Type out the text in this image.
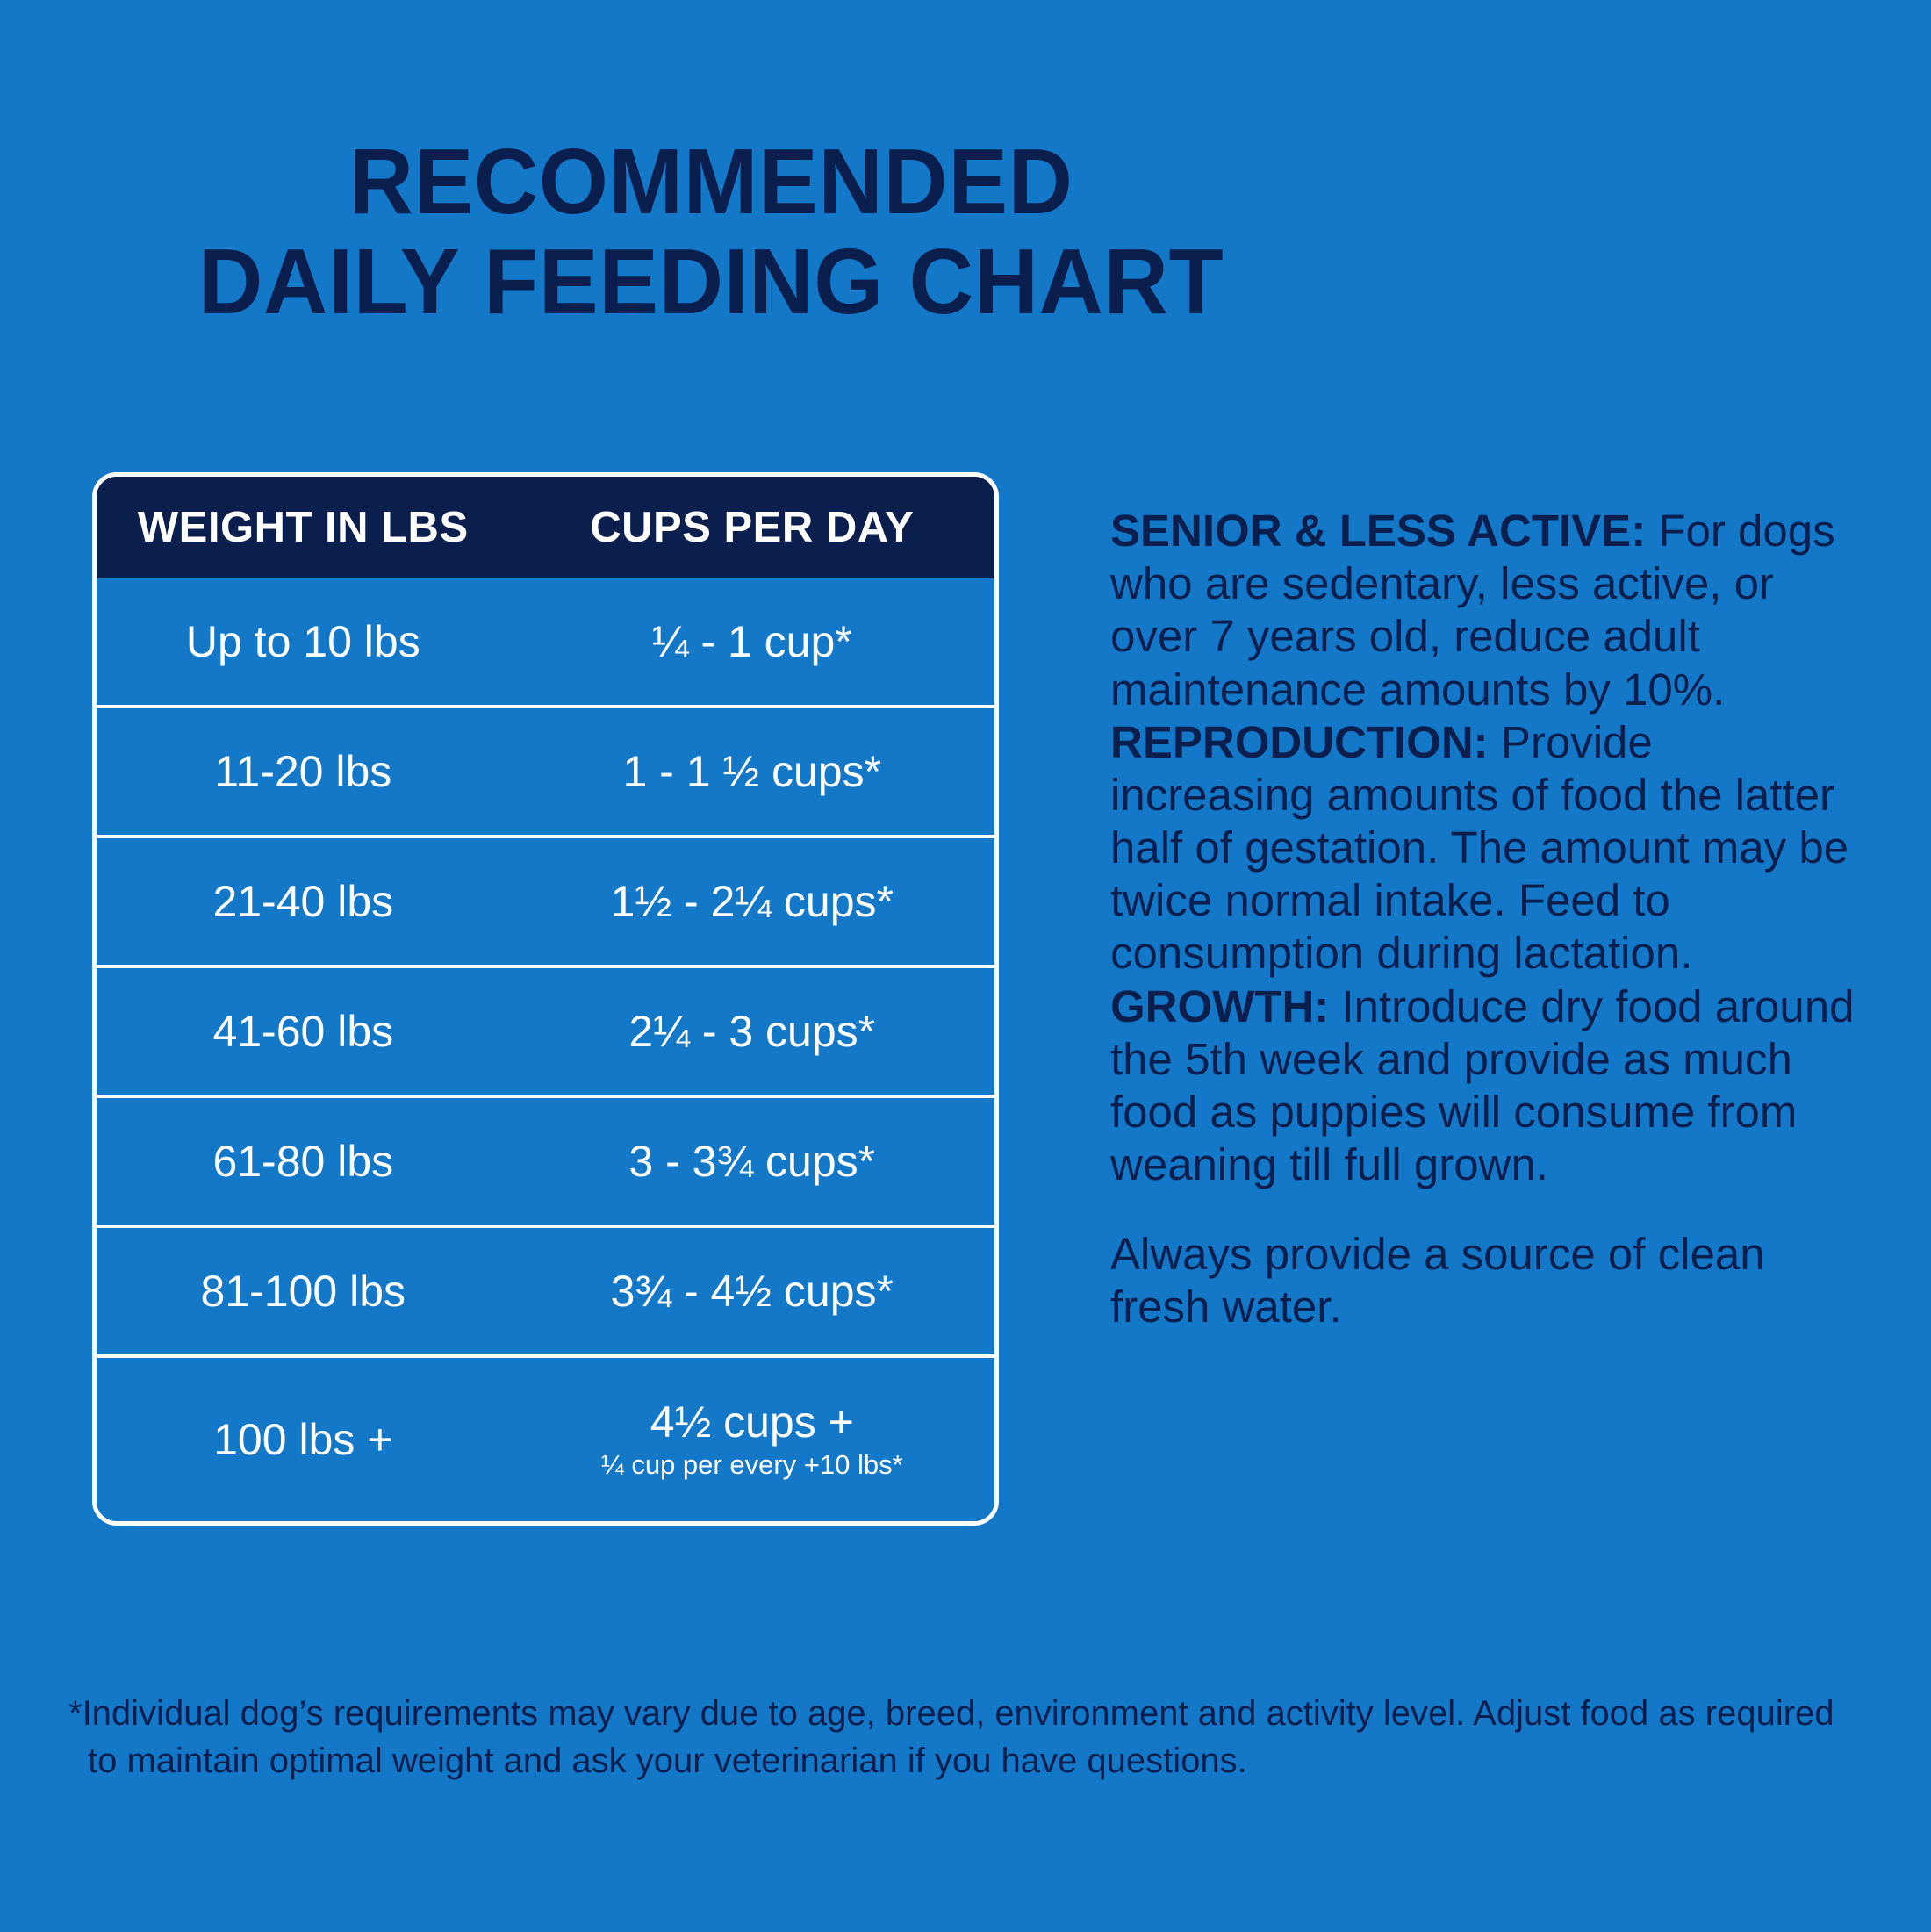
RECOMMENDED
DAILY FEEDING CHART
WEIGHT IN LBS	CUPS PER DAY
Up to 10 lbs	¼ - 1 cup*
11-20 lbs	1 - 1 ½ cups*
21-40 lbs	1½ - 2¼ cups*
41-60 lbs	2¼ - 3 cups*
61-80 lbs	3 - 3¾ cups*
81-100 lbs	3¾ - 4½ cups*
100 lbs +	4½ cups +
¼ cup per every +10 lbs*

SENIOR & LESS ACTIVE: For dogs who are sedentary, less active, or over 7 years old, reduce adult maintenance amounts by 10%. REPRODUCTION: Provide increasing amounts of food the latter half of gestation. The amount may be twice normal intake. Feed to consumption during lactation. GROWTH: Introduce dry food around the 5th week and provide as much food as puppies will consume from weaning till full grown.

Always provide a source of clean fresh water.

*Individual dog’s requirements may vary due to age, breed, environment and activity level. Adjust food as required
to maintain optimal weight and ask your veterinarian if you have questions.
